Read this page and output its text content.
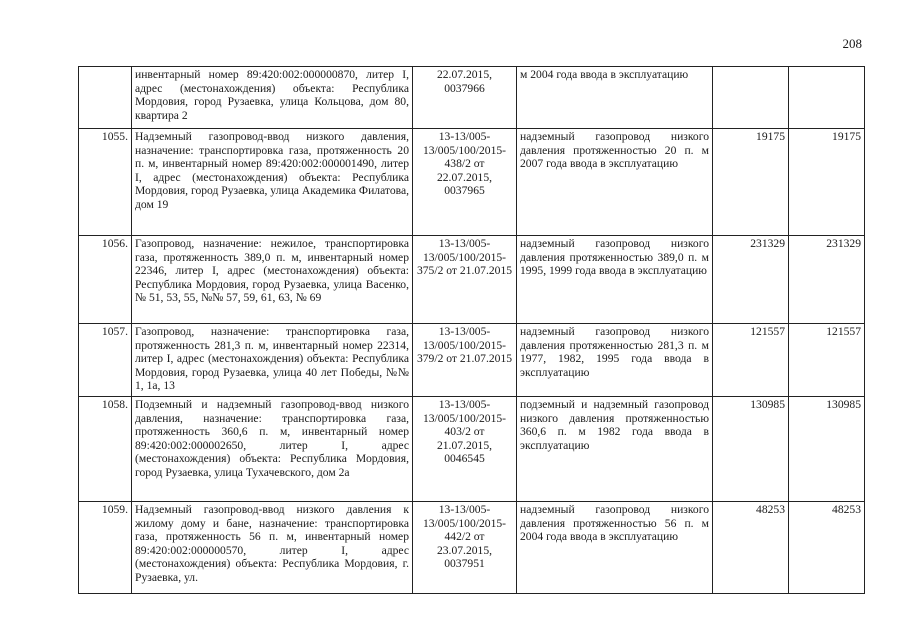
208
	инвентарный номер 89:420:002:000000870, литер I, адрес (местонахождения) объекта: Республика Мордовия, город Рузаевка, улица Кольцова, дом 80, квартира 2	22.07.2015, 0037966	м 2004 года ввода в эксплуатацию		
1055.	Надземный газопровод-ввод низкого давления, назначение: транспортировка газа, протяженность 20 п. м, инвентарный номер 89:420:002:000001490, литер I, адрес (местонахождения) объекта: Республика Мордовия, город Рузаевка, улица Академика Филатова, дом 19	13-13/005-13/005/100/2015-438/2 от 22.07.2015, 0037965	надземный газопровод низкого давления протяженностью 20 п. м 2007 года ввода в эксплуатацию	19175	19175
1056.	Газопровод, назначение: нежилое, транспортировка газа, протяженность 389,0 п. м, инвентарный номер 22346, литер I, адрес (местонахождения) объекта: Республика Мордовия, город Рузаевка, улица Васенко, № 51, 53, 55, №№ 57, 59, 61, 63, № 69	13-13/005-13/005/100/2015-375/2 от 21.07.2015	надземный газопровод низкого давления протяженностью 389,0 п. м 1995, 1999 года ввода в эксплуатацию	231329	231329
1057.	Газопровод, назначение: транспортировка газа, протяженность 281,3 п. м, инвентарный номер 22314, литер I, адрес (местонахождения) объекта: Республика Мордовия, город Рузаевка, улица 40 лет Победы, №№ 1, 1а, 13	13-13/005-13/005/100/2015-379/2 от 21.07.2015	надземный газопровод низкого давления протяженностью 281,3 п. м 1977, 1982, 1995 года ввода в эксплуатацию	121557	121557
1058.	Подземный и надземный газопровод-ввод низкого давления, назначение: транспортировка газа, протяженность 360,6 п. м, инвентарный номер 89:420:002:000002650, литер I, адрес (местонахождения) объекта: Республика Мордовия, город Рузаевка, улица Тухачевского, дом 2а	13-13/005-13/005/100/2015-403/2 от 21.07.2015, 0046545	подземный и надземный газопровод низкого давления протяженностью 360,6 п. м 1982 года ввода в эксплуатацию	130985	130985
1059.	Надземный газопровод-ввод низкого давления к жилому дому и бане, назначение: транспортировка газа, протяженность 56 п. м, инвентарный номер 89:420:002:000000570, литер I, адрес (местонахождения) объекта: Республика Мордовия, г. Рузаевка, ул.	13-13/005-13/005/100/2015-442/2 от 23.07.2015, 0037951	надземный газопровод низкого давления протяженностью 56 п. м 2004 года ввода в эксплуатацию	48253	48253
